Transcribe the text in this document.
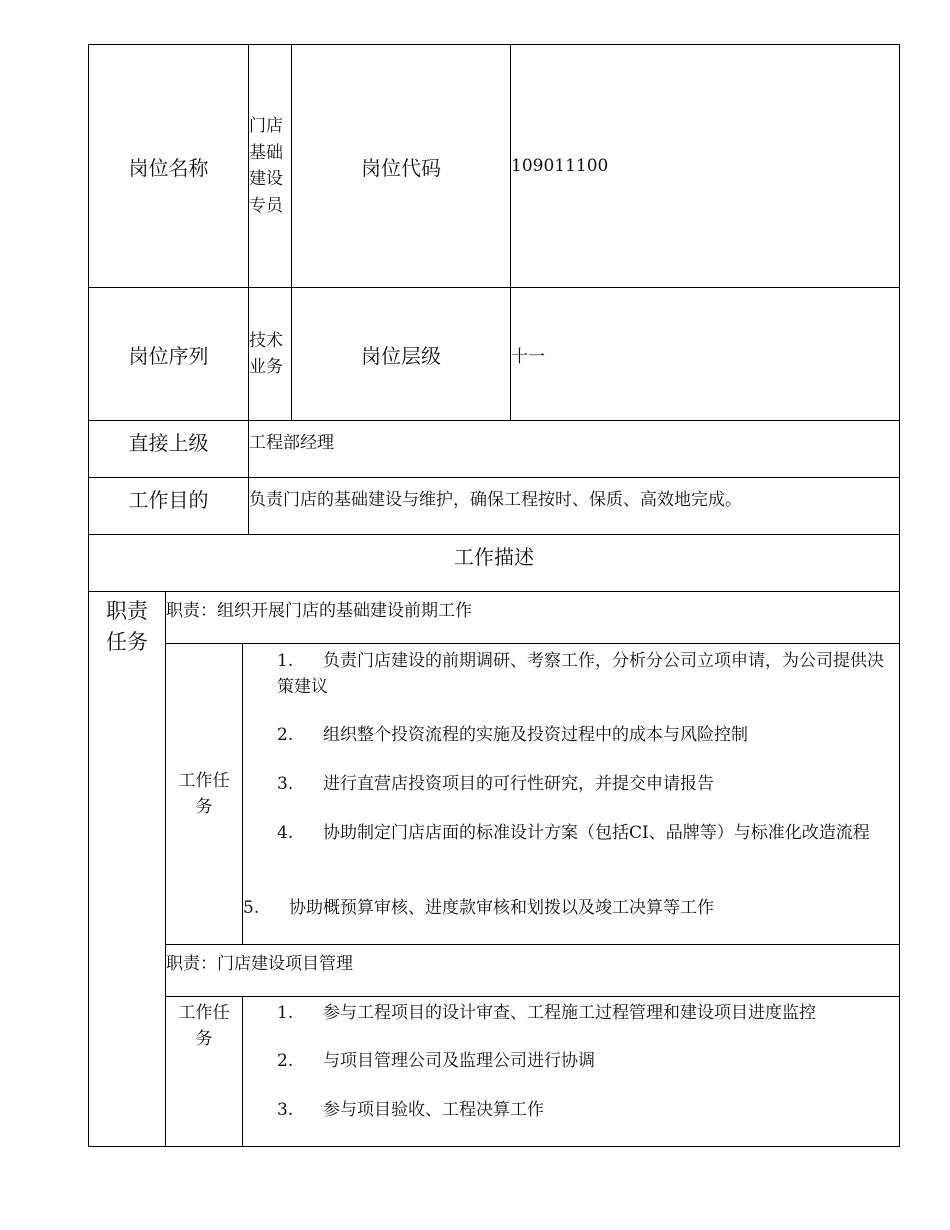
岗位名称			门店基础建设专员	岗位代码	109011100
岗位序列			技术业务	岗位层级	十一
直接上级			工程部经理		
工作目的			负责门店的基础建设与维护，确保工程按时、保质、高效地完成。		
工作描述					

职责任务	职责：组织开展门店的基础建设前期工作				

	工作任务	1. 负责门店建设的前期调研、考察工作，分析分公司立项申请，为公司提供决策建议
2. 组织整个投资流程的实施及投资过程中的成本与风险控制
3. 进行直营店投资项目的可行性研究，并提交申请报告
4. 协助制定门店店面的标准设计方案（包括CI、品牌等）与标准化改造流程
5. 协助概预算审核、进度款审核和划拨以及竣工决算等工作			

	职责：门店建设项目管理				

	工作任务	1. 参与工程项目的设计审查、工程施工过程管理和建设项目进度监控
2. 与项目管理公司及监理公司进行协调
3. 参与项目验收、工程决算工作			
